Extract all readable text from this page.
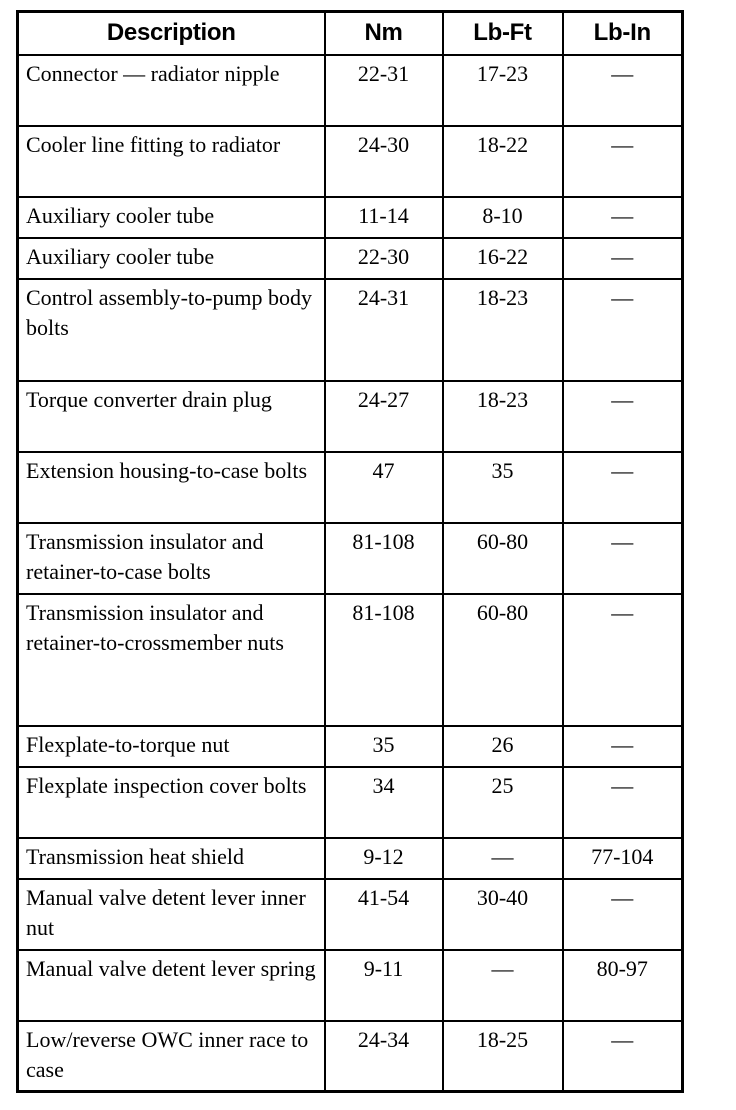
Description	Nm	Lb-Ft	Lb-In
Connector — radiator nipple	22-31	17-23	—
Cooler line fitting to radiator	24-30	18-22	—
Auxiliary cooler tube	11-14	8-10	—
Auxiliary cooler tube	22-30	16-22	—
Control assembly-to-pump body bolts	24-31	18-23	—
Torque converter drain plug	24-27	18-23	—
Extension housing-to-case bolts	47	35	—
Transmission insulator and retainer-to-case bolts	81-108	60-80	—
Transmission insulator and retainer-to-crossmember nuts	81-108	60-80	—
Flexplate-to-torque nut	35	26	—
Flexplate inspection cover bolts	34	25	—
Transmission heat shield	9-12	—	77-104
Manual valve detent lever inner nut	41-54	30-40	—
Manual valve detent lever spring	9-11	—	80-97
Low/reverse OWC inner race to case	24-34	18-25	—
